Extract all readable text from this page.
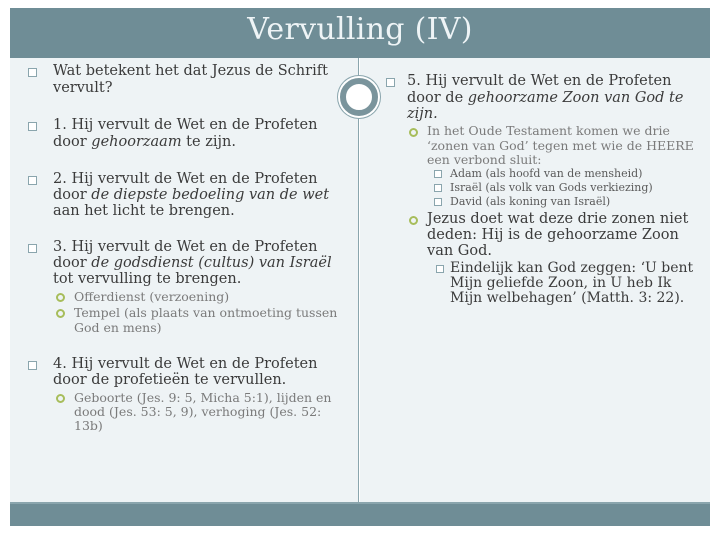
Vervulling (IV)
Wat betekent het dat Jezus de Schrift
vervult?
1. Hij vervult de Wet en de Profeten
door gehoorzaam te zijn.
2. Hij vervult de Wet en de Profeten
door de diepste bedoeling van de wet
aan het licht te brengen.
3. Hij vervult de Wet en de Profeten
door de godsdienst (cultus) van Israël
tot vervulling te brengen.
Offerdienst (verzoening)
Tempel (als plaats van ontmoeting tussen
God en mens)
4. Hij vervult de Wet en de Profeten
door de profetieën te vervullen.
Geboorte (Jes. 9: 5, Micha 5:1), lijden en
dood (Jes. 53: 5, 9), verhoging (Jes. 52:
13b)
5. Hij vervult de Wet en de Profeten
door de gehoorzame Zoon van God te
zijn.
In het Oude Testament komen we drie
‘zonen van God’ tegen met wie de HEERE
een verbond sluit:
Adam (als hoofd van de mensheid)
Israël (als volk van Gods verkiezing)
David (als koning van Israël)
Jezus doet wat deze drie zonen niet
deden: Hij is de gehoorzame Zoon
van God.
Eindelijk kan God zeggen: ‘U bent
Mijn geliefde Zoon, in U heb Ik
Mijn welbehagen’ (Matth. 3: 22).
